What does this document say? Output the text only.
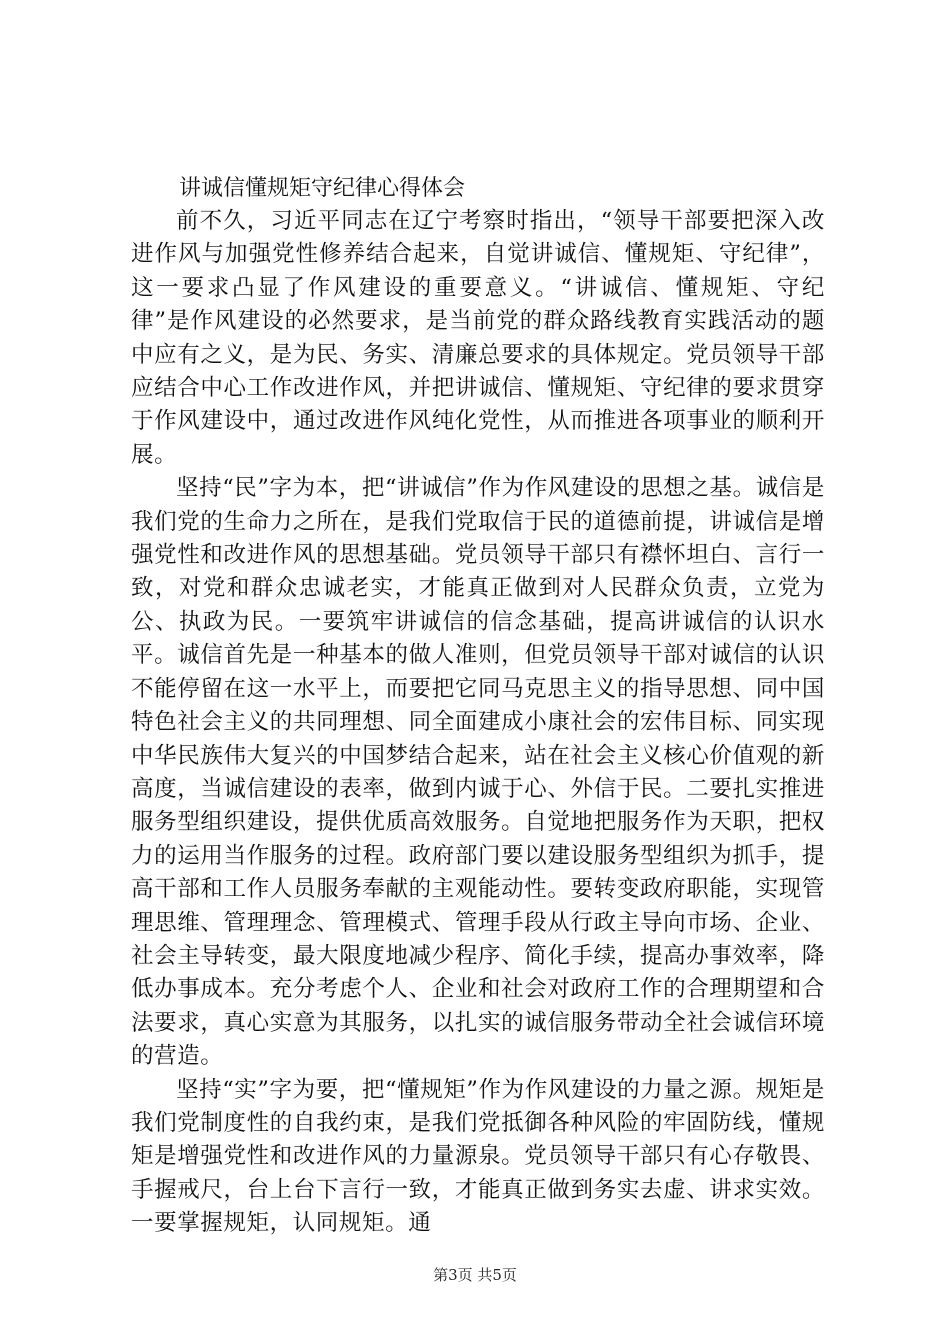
讲诚信懂规矩守纪律心得体会

前不久，习近平同志在辽宁考察时指出，“领导干部要把深入改进作风与加强党性修养结合起来，自觉讲诚信、懂规矩、守纪律”，这一要求凸显了作风建设的重要意义。“讲诚信、懂规矩、守纪律”是作风建设的必然要求，是当前党的群众路线教育实践活动的题中应有之义，是为民、务实、清廉总要求的具体规定。党员领导干部应结合中心工作改进作风，并把讲诚信、懂规矩、守纪律的要求贯穿于作风建设中，通过改进作风纯化党性，从而推进各项事业的顺利开展。

坚持“民”字为本，把“讲诚信”作为作风建设的思想之基。诚信是我们党的生命力之所在，是我们党取信于民的道德前提，讲诚信是增强党性和改进作风的思想基础。党员领导干部只有襟怀坦白、言行一致，对党和群众忠诚老实，才能真正做到对人民群众负责，立党为公、执政为民。一要筑牢讲诚信的信念基础，提高讲诚信的认识水平。诚信首先是一种基本的做人准则，但党员领导干部对诚信的认识不能停留在这一水平上，而要把它同马克思主义的指导思想、同中国特色社会主义的共同理想、同全面建成小康社会的宏伟目标、同实现中华民族伟大复兴的中国梦结合起来，站在社会主义核心价值观的新高度，当诚信建设的表率，做到内诚于心、外信于民。二要扎实推进服务型组织建设，提供优质高效服务。自觉地把服务作为天职，把权力的运用当作服务的过程。政府部门要以建设服务型组织为抓手，提高干部和工作人员服务奉献的主观能动性。要转变政府职能，实现管理思维、管理理念、管理模式、管理手段从行政主导向市场、企业、社会主导转变，最大限度地减少程序、简化手续，提高办事效率，降低办事成本。充分考虑个人、企业和社会对政府工作的合理期望和合法要求，真心实意为其服务，以扎实的诚信服务带动全社会诚信环境的营造。

坚持“实”字为要，把“懂规矩”作为作风建设的力量之源。规矩是我们党制度性的自我约束，是我们党抵御各种风险的牢固防线，懂规矩是增强党性和改进作风的力量源泉。党员领导干部只有心存敬畏、手握戒尺，台上台下言行一致，才能真正做到务实去虚、讲求实效。一要掌握规矩，认同规矩。通

第3页 共5页
